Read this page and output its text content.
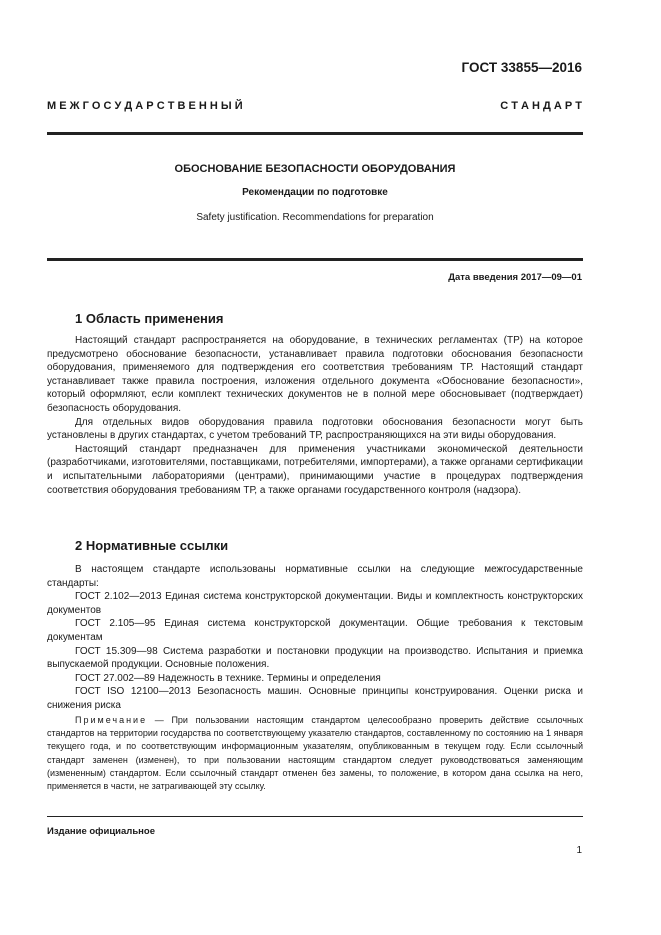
ГОСТ 33855—2016
М Е Ж Г О С У Д А Р С Т В Е Н Н Ы Й	С Т А Н Д А Р Т
ОБОСНОВАНИЕ БЕЗОПАСНОСТИ ОБОРУДОВАНИЯ
Рекомендации по подготовке
Safety justification. Recommendations for preparation
Дата введения 2017—09—01
1 Область применения

Настоящий стандарт распространяется на оборудование, в технических регламентах (ТР) на которое предусмотрено обоснование безопасности, устанавливает правила подготовки обоснования безопасности оборудования, применяемого для подтверждения его соответствия требованиям ТР. Настоящий стандарт устанавливает также правила построения, изложения отдельного документа «Обоснование безопасности», который оформляют, если комплект технических документов не в полной мере обосновывает (подтверждает) безопасность оборудования.

Для отдельных видов оборудования правила подготовки обоснования безопасности могут быть установлены в других стандартах, с учетом требований ТР, распространяющихся на эти виды оборудования.

Настоящий стандарт предназначен для применения участниками экономической деятельности (разработчиками, изготовителями, поставщиками, потребителями, импортерами), а также органами сертификации и испытательными лабораториями (центрами), принимающими участие в процедурах подтверждения соответствия оборудования требованиям ТР, а также органами государственного контроля (надзора).

2 Нормативные ссылки

В настоящем стандарте использованы нормативные ссылки на следующие межгосударственные стандарты:

ГОСТ 2.102—2013 Единая система конструкторской документации. Виды и комплектность конструкторских документов

ГОСТ 2.105—95 Единая система конструкторской документации. Общие требования к текстовым документам

ГОСТ 15.309—98 Система разработки и постановки продукции на производство. Испытания и приемка выпускаемой продукции. Основные положения.

ГОСТ 27.002—89 Надежность в технике. Термины и определения

ГОСТ ISO 12100—2013 Безопасность машин. Основные принципы конструирования. Оценки риска и снижения риска

Примечание — При пользовании настоящим стандартом целесообразно проверить действие ссылочных стандартов на территории государства по соответствующему указателю стандартов, составленному по состоянию на 1 января текущего года, и по соответствующим информационным указателям, опубликованным в текущем году. Если ссылочный стандарт заменен (изменен), то при пользовании настоящим стандартом следует руководствоваться заменяющим (измененным) стандартом. Если ссылочный стандарт отменен без замены, то положение, в котором дана ссылка на него, применяется в части, не затрагивающей эту ссылку.

Издание официальное
1
